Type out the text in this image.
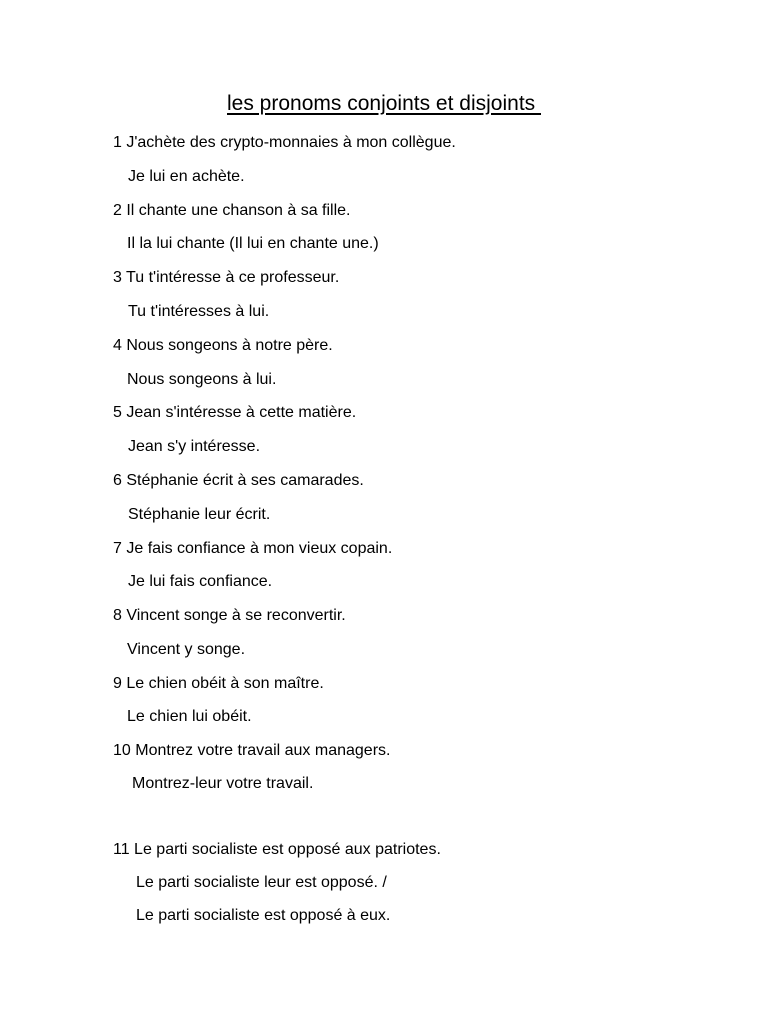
les pronoms conjoints et disjoints
1 J'achète des crypto-monnaies à mon collègue.
Je lui en achète.
2 Il chante une chanson à sa fille.
Il la lui chante (Il lui en chante une.)
3 Tu t'intéresse à ce professeur.
Tu t'intéresses à lui.
4 Nous songeons à notre père.
Nous songeons à lui.
5 Jean s'intéresse à cette matière.
Jean s'y intéresse.
6 Stéphanie écrit à ses camarades.
Stéphanie leur écrit.
7 Je fais confiance à mon vieux copain.
Je lui fais confiance.
8 Vincent songe à se reconvertir.
Vincent y songe.
9 Le chien obéit à son maître.
Le chien lui obéit.
10 Montrez votre travail aux managers.
Montrez-leur votre travail.
11 Le parti socialiste est opposé aux patriotes.
Le parti socialiste leur est opposé. /
Le parti socialiste est opposé à eux.
